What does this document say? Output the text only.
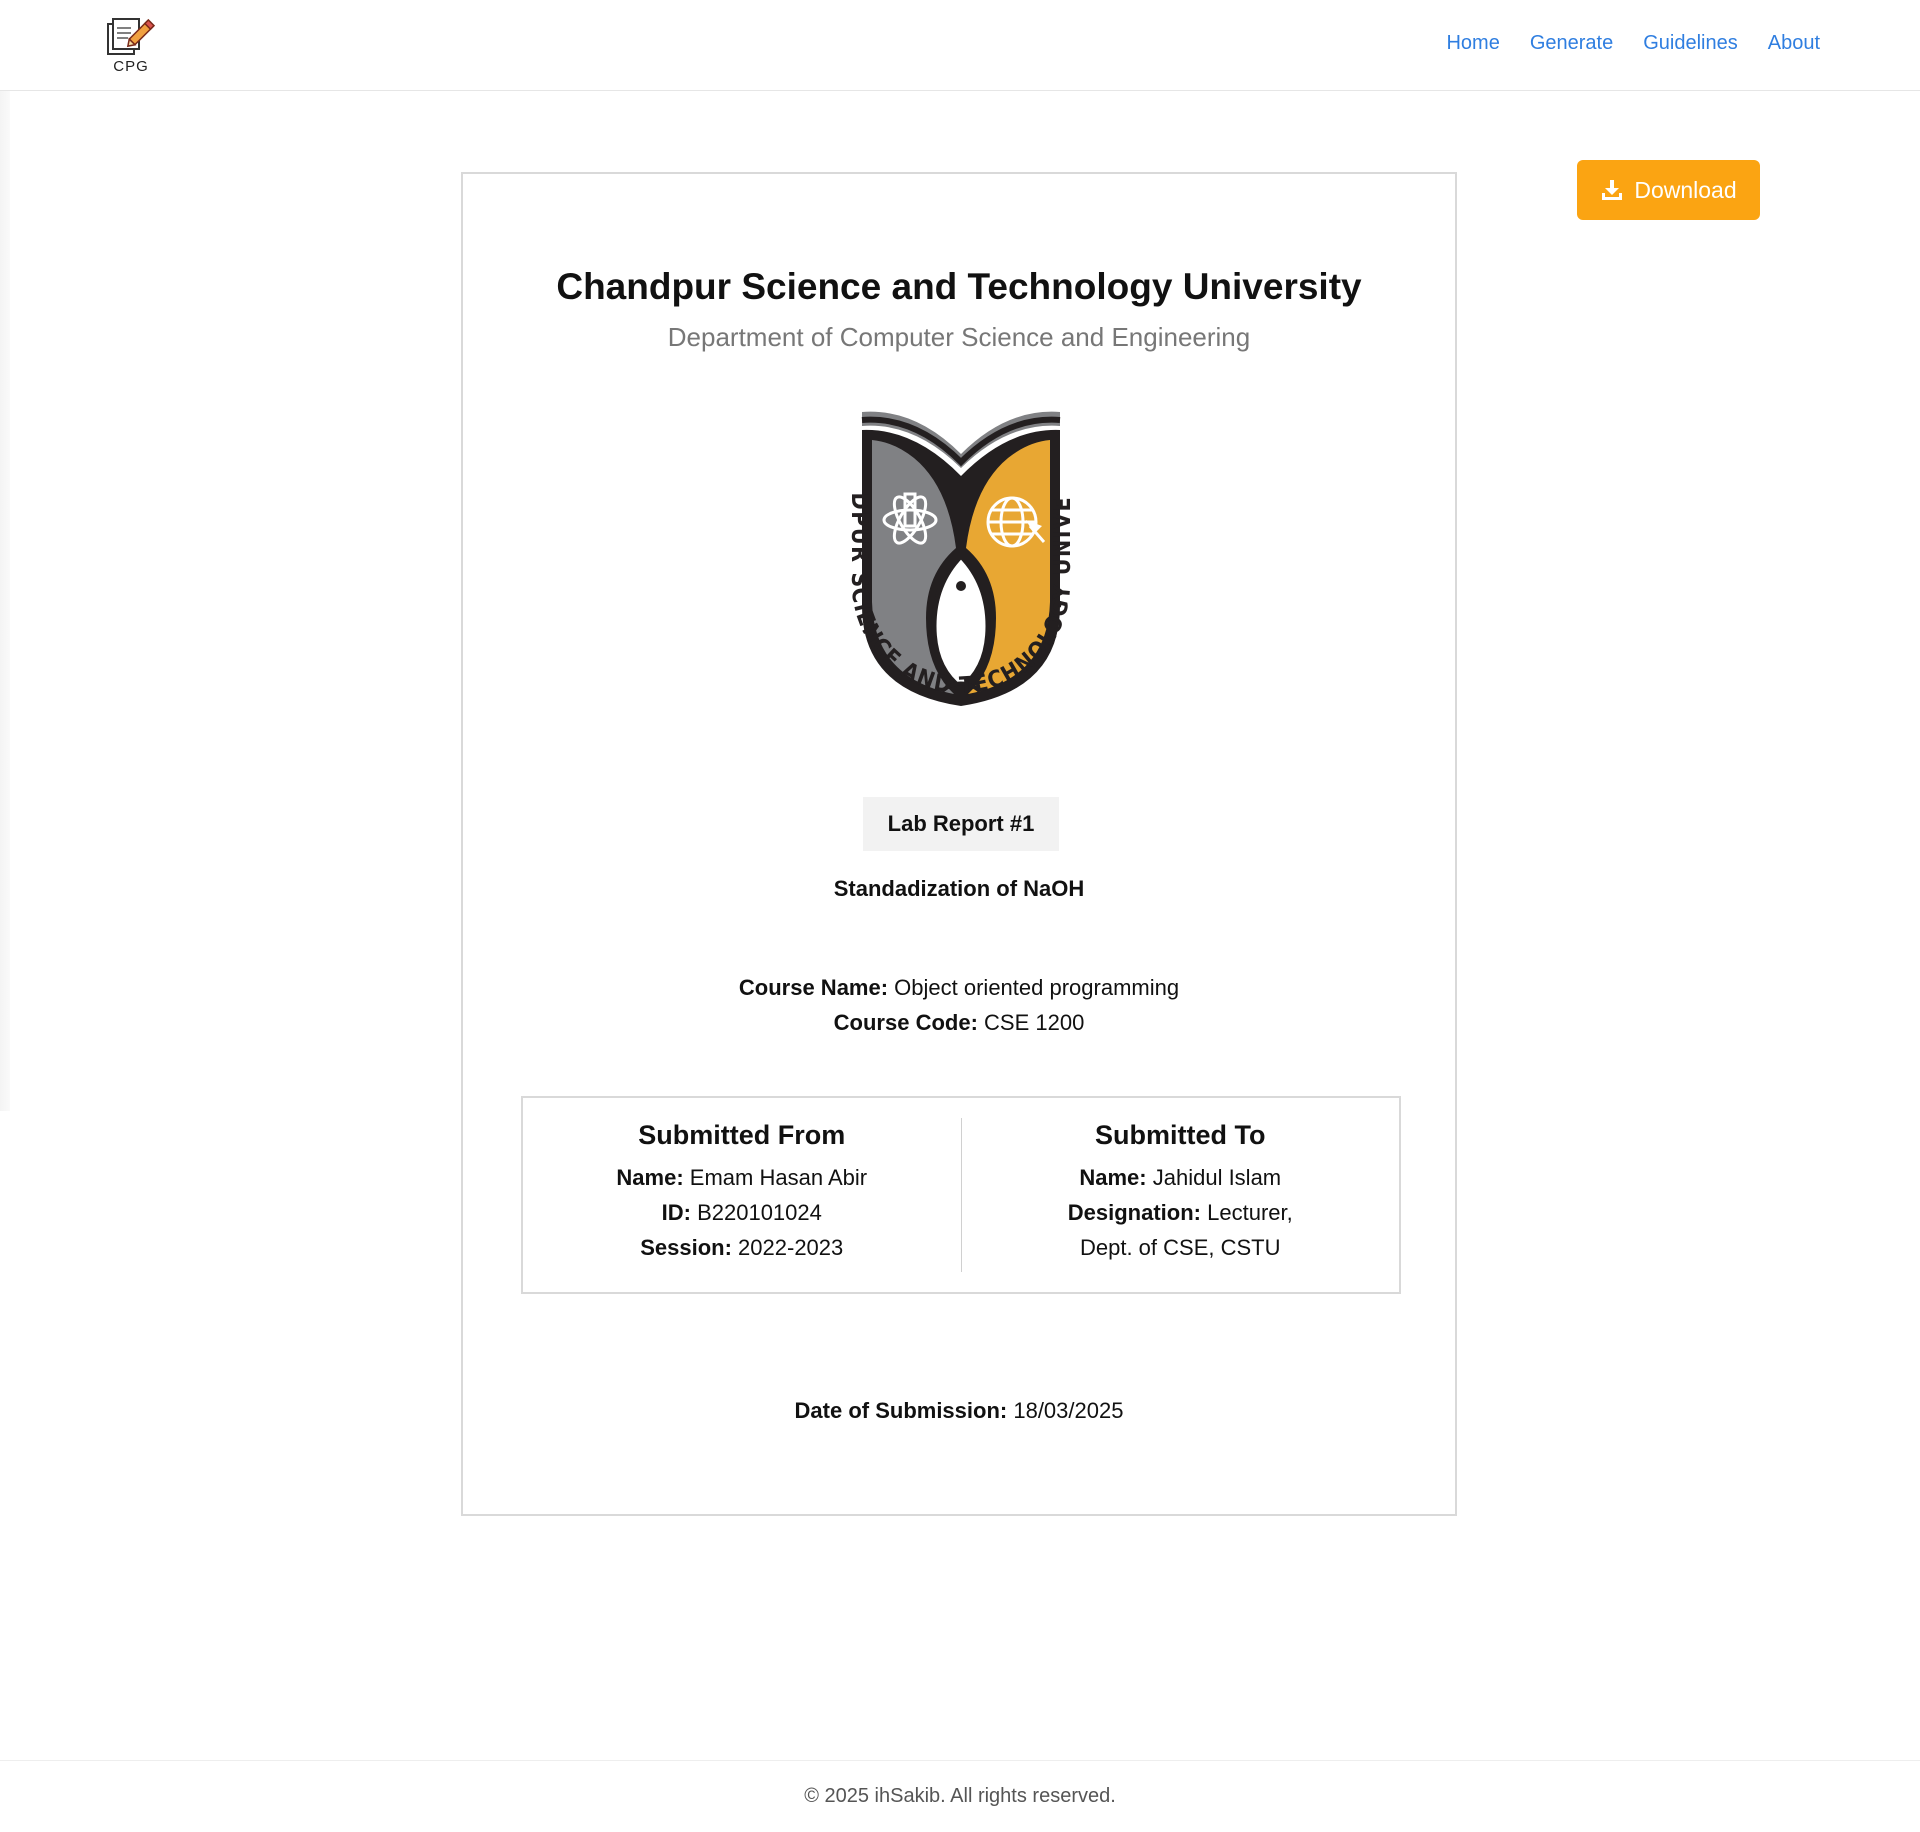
CPG
Home Generate Guidelines About
Download
Chandpur Science and Technology University
Department of Computer Science and Engineering
DPUR SCIENCE AND TECHNOLOGY UNIVE
Lab Report #1
Standadization of NaOH
Course Name: Object oriented programming
Course Code: CSE 1200
Submitted From
Name: Emam Hasan Abir
ID: B220101024
Session: 2022-2023
Submitted To
Name: Jahidul Islam
Designation: Lecturer,
Dept. of CSE, CSTU
Date of Submission: 18/03/2025
© 2025 ihSakib. All rights reserved.
